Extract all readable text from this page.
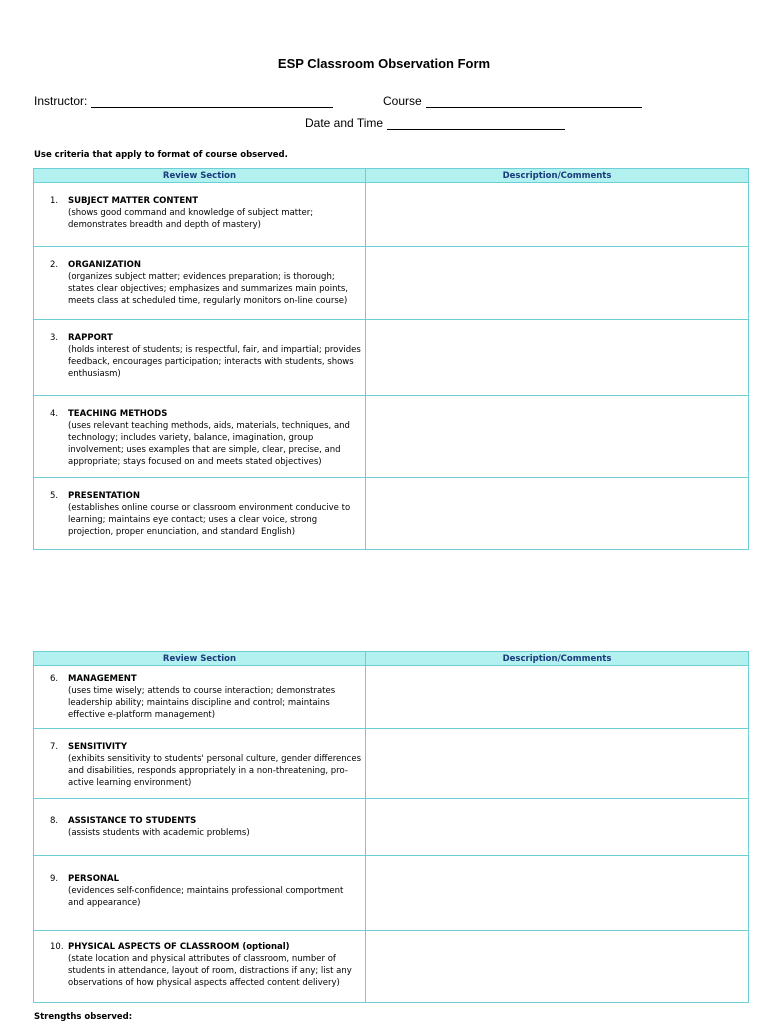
ESP Classroom Observation Form
Instructor:	Course
Date and Time
Use criteria that apply to format of course observed.
Review Section	Description/Comments

1. SUBJECT MATTER CONTENT
(shows good command and knowledge of subject matter; demonstrates breadth and depth of mastery)	

2. ORGANIZATION
(organizes subject matter; evidences preparation; is thorough; states clear objectives; emphasizes and summarizes main points, meets class at scheduled time, regularly monitors on-line course)	

3. RAPPORT
(holds interest of students; is respectful, fair, and impartial; provides feedback, encourages participation; interacts with students, shows enthusiasm)	

4. TEACHING METHODS
(uses relevant teaching methods, aids, materials, techniques, and technology; includes variety, balance, imagination, group involvement; uses examples that are simple, clear, precise, and appropriate; stays focused on and meets stated objectives)	

5. PRESENTATION
(establishes online course or classroom environment conducive to learning; maintains eye contact; uses a clear voice, strong projection, proper enunciation, and standard English)	

Review Section	Description/Comments

6. MANAGEMENT
(uses time wisely; attends to course interaction; demonstrates leadership ability; maintains discipline and control; maintains effective e-platform management)	

7. SENSITIVITY
(exhibits sensitivity to students' personal culture, gender differences and disabilities, responds appropriately in a non-threatening, pro-active learning environment)	

8. ASSISTANCE TO STUDENTS
(assists students with academic problems)	

9. PERSONAL
(evidences self-confidence; maintains professional comportment and appearance)	

10. PHYSICAL ASPECTS OF CLASSROOM (optional)
(state location and physical attributes of classroom, number of students in attendance, layout of room, distractions if any; list any observations of how physical aspects affected content delivery)	

Strengths observed:
